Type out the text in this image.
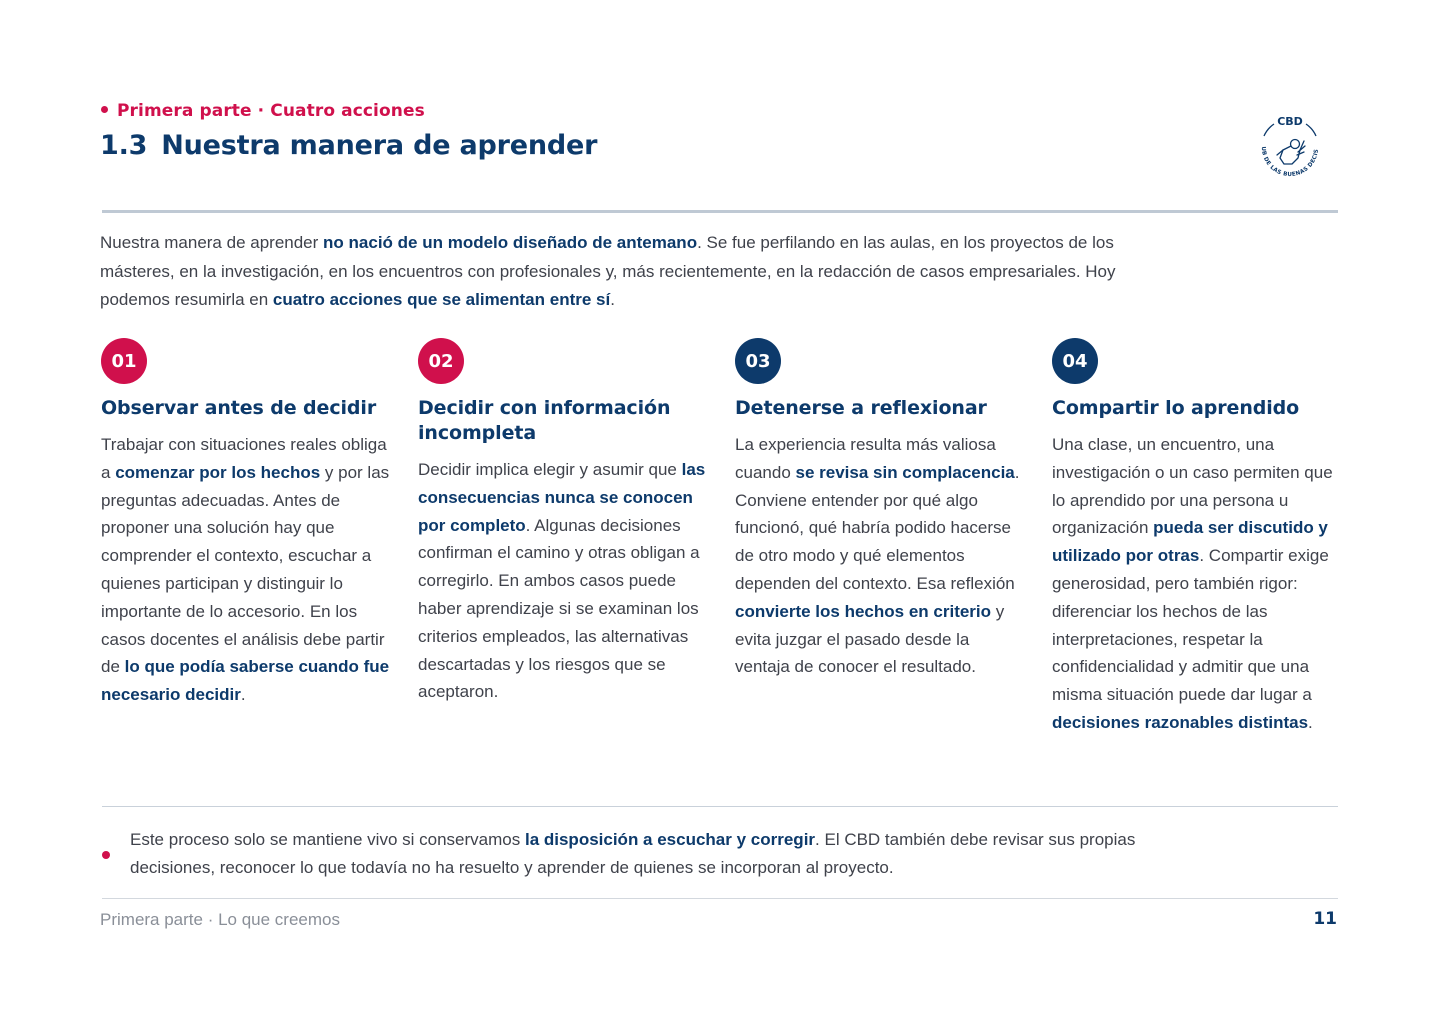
Primera parte · Cuatro acciones
1.3 Nuestra manera de aprender
CBD
UB DE LAS BUENAS DECIS

Nuestra manera de aprender no nació de un modelo diseñado de antemano. Se fue perfilando en las aulas, en los proyectos de los másteres, en la investigación, en los encuentros con profesionales y, más recientemente, en la redacción de casos empresariales. Hoy podemos resumirla en cuatro acciones que se alimentan entre sí.

01
Observar antes de decidir

Trabajar con situaciones reales obliga a comenzar por los hechos y por las preguntas adecuadas. Antes de proponer una solución hay que comprender el contexto, escuchar a quienes participan y distinguir lo importante de lo accesorio. En los casos docentes el análisis debe partir de lo que podía saberse cuando fue necesario decidir.

02
Decidir con información incompleta

Decidir implica elegir y asumir que las consecuencias nunca se conocen por completo. Algunas decisiones confirman el camino y otras obligan a corregirlo. En ambos casos puede haber aprendizaje si se examinan los criterios empleados, las alternativas descartadas y los riesgos que se aceptaron.

03
Detenerse a reflexionar

La experiencia resulta más valiosa cuando se revisa sin complacencia. Conviene entender por qué algo funcionó, qué habría podido hacerse de otro modo y qué elementos dependen del contexto. Esa reflexión convierte los hechos en criterio y evita juzgar el pasado desde la ventaja de conocer el resultado.

04
Compartir lo aprendido

Una clase, un encuentro, una investigación o un caso permiten que lo aprendido por una persona u organización pueda ser discutido y utilizado por otras. Compartir exige generosidad, pero también rigor: diferenciar los hechos de las interpretaciones, respetar la confidencialidad y admitir que una misma situación puede dar lugar a decisiones razonables distintas.

Este proceso solo se mantiene vivo si conservamos la disposición a escuchar y corregir. El CBD también debe revisar sus propias decisiones, reconocer lo que todavía no ha resuelto y aprender de quienes se incorporan al proyecto.

Primera parte · Lo que creemos	11
